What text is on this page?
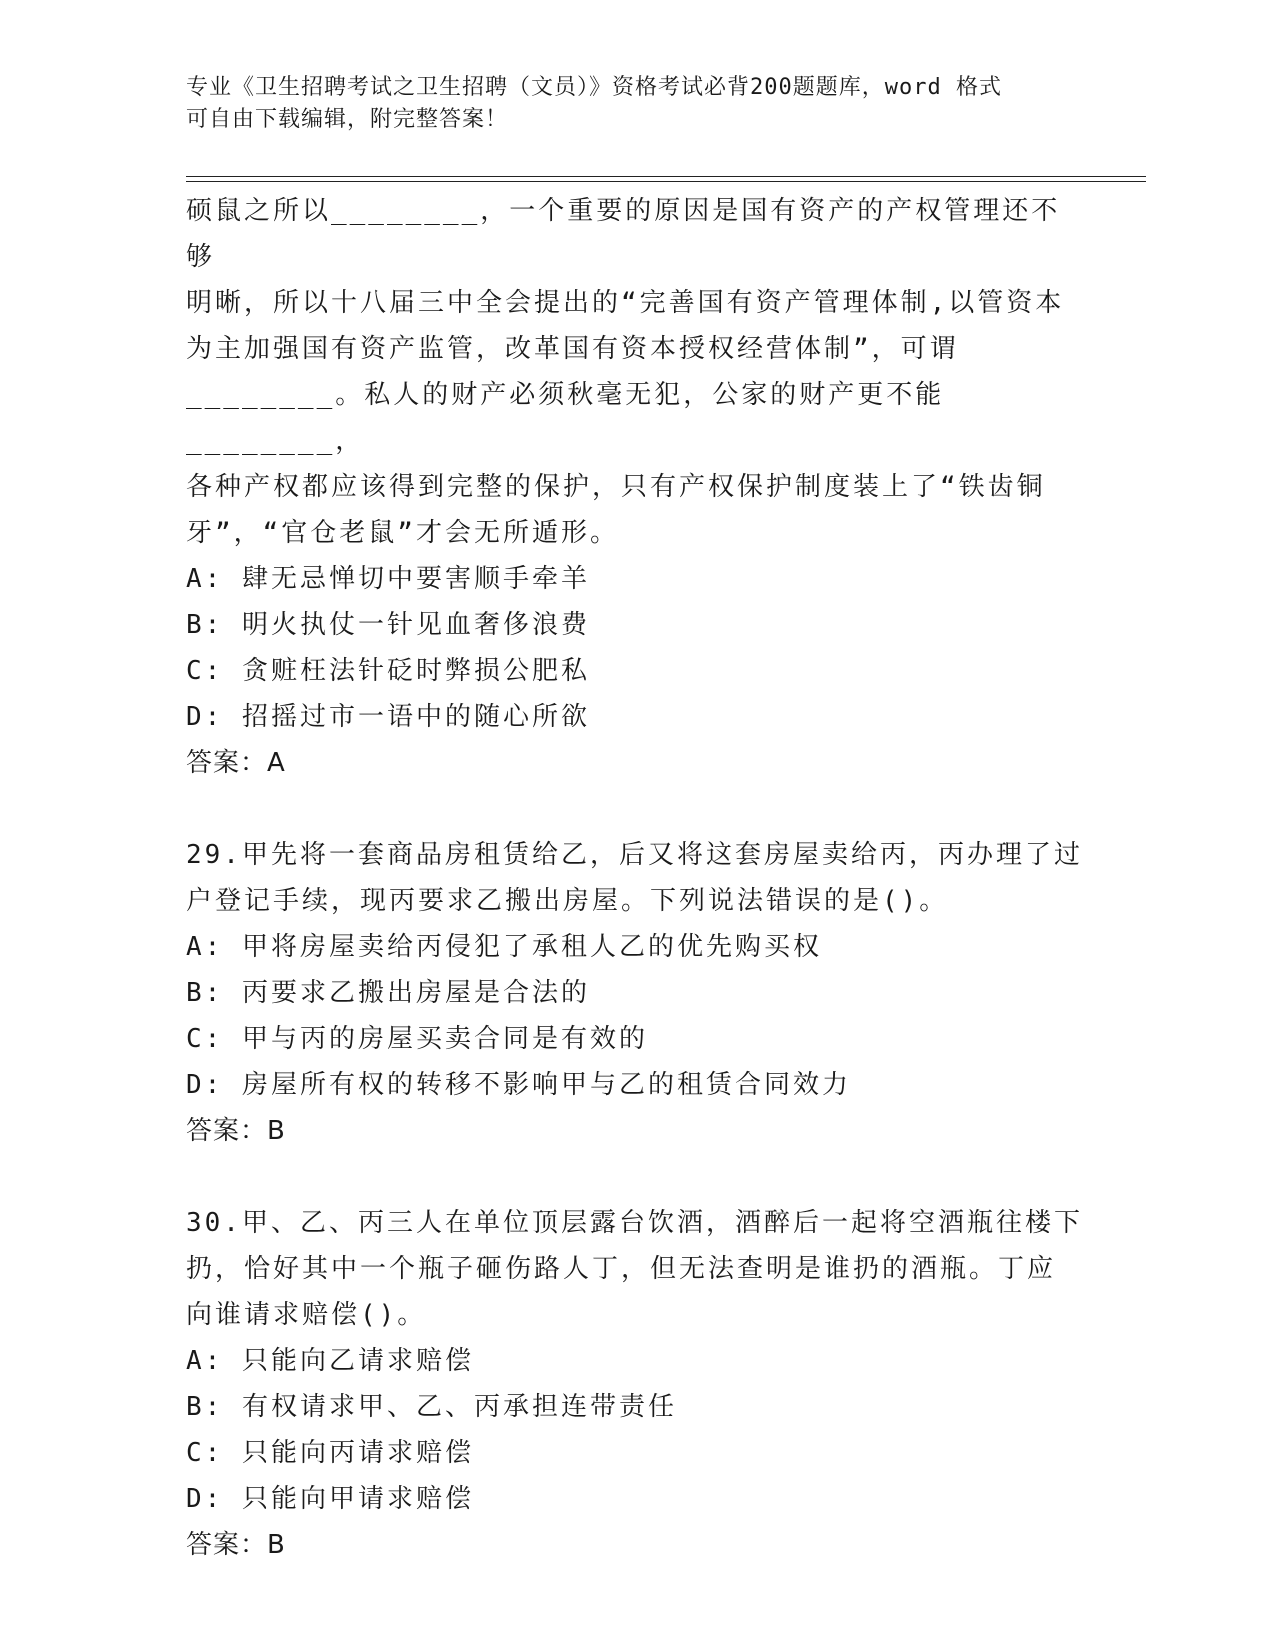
专业《卫生招聘考试之卫生招聘（文员）》资格考试必背200题题库，word 格式
可自由下载编辑，附完整答案！

硕鼠之所以________，一个重要的原因是国有资产的产权管理还不够

明晰，所以十八届三中全会提出的“完善国有资产管理体制,以管资本

为主加强国有资产监管，改革国有资本授权经营体制”，可谓

________。私人的财产必须秋毫无犯，公家的财产更不能________，

各种产权都应该得到完整的保护，只有产权保护制度装上了“铁齿铜

牙”，“官仓老鼠”才会无所遁形。

A: 肆无忌惮切中要害顺手牵羊

B: 明火执仗一针见血奢侈浪费

C: 贪赃枉法针砭时弊损公肥私

D: 招摇过市一语中的随心所欲

答案：A

29.甲先将一套商品房租赁给乙，后又将这套房屋卖给丙，丙办理了过

户登记手续，现丙要求乙搬出房屋。下列说法错误的是()。

A: 甲将房屋卖给丙侵犯了承租人乙的优先购买权

B: 丙要求乙搬出房屋是合法的

C: 甲与丙的房屋买卖合同是有效的

D: 房屋所有权的转移不影响甲与乙的租赁合同效力

答案：B

30.甲、乙、丙三人在单位顶层露台饮酒，酒醉后一起将空酒瓶往楼下

扔，恰好其中一个瓶子砸伤路人丁，但无法查明是谁扔的酒瓶。丁应

向谁请求赔偿()。

A: 只能向乙请求赔偿

B: 有权请求甲、乙、丙承担连带责任

C: 只能向丙请求赔偿

D: 只能向甲请求赔偿

答案：B
